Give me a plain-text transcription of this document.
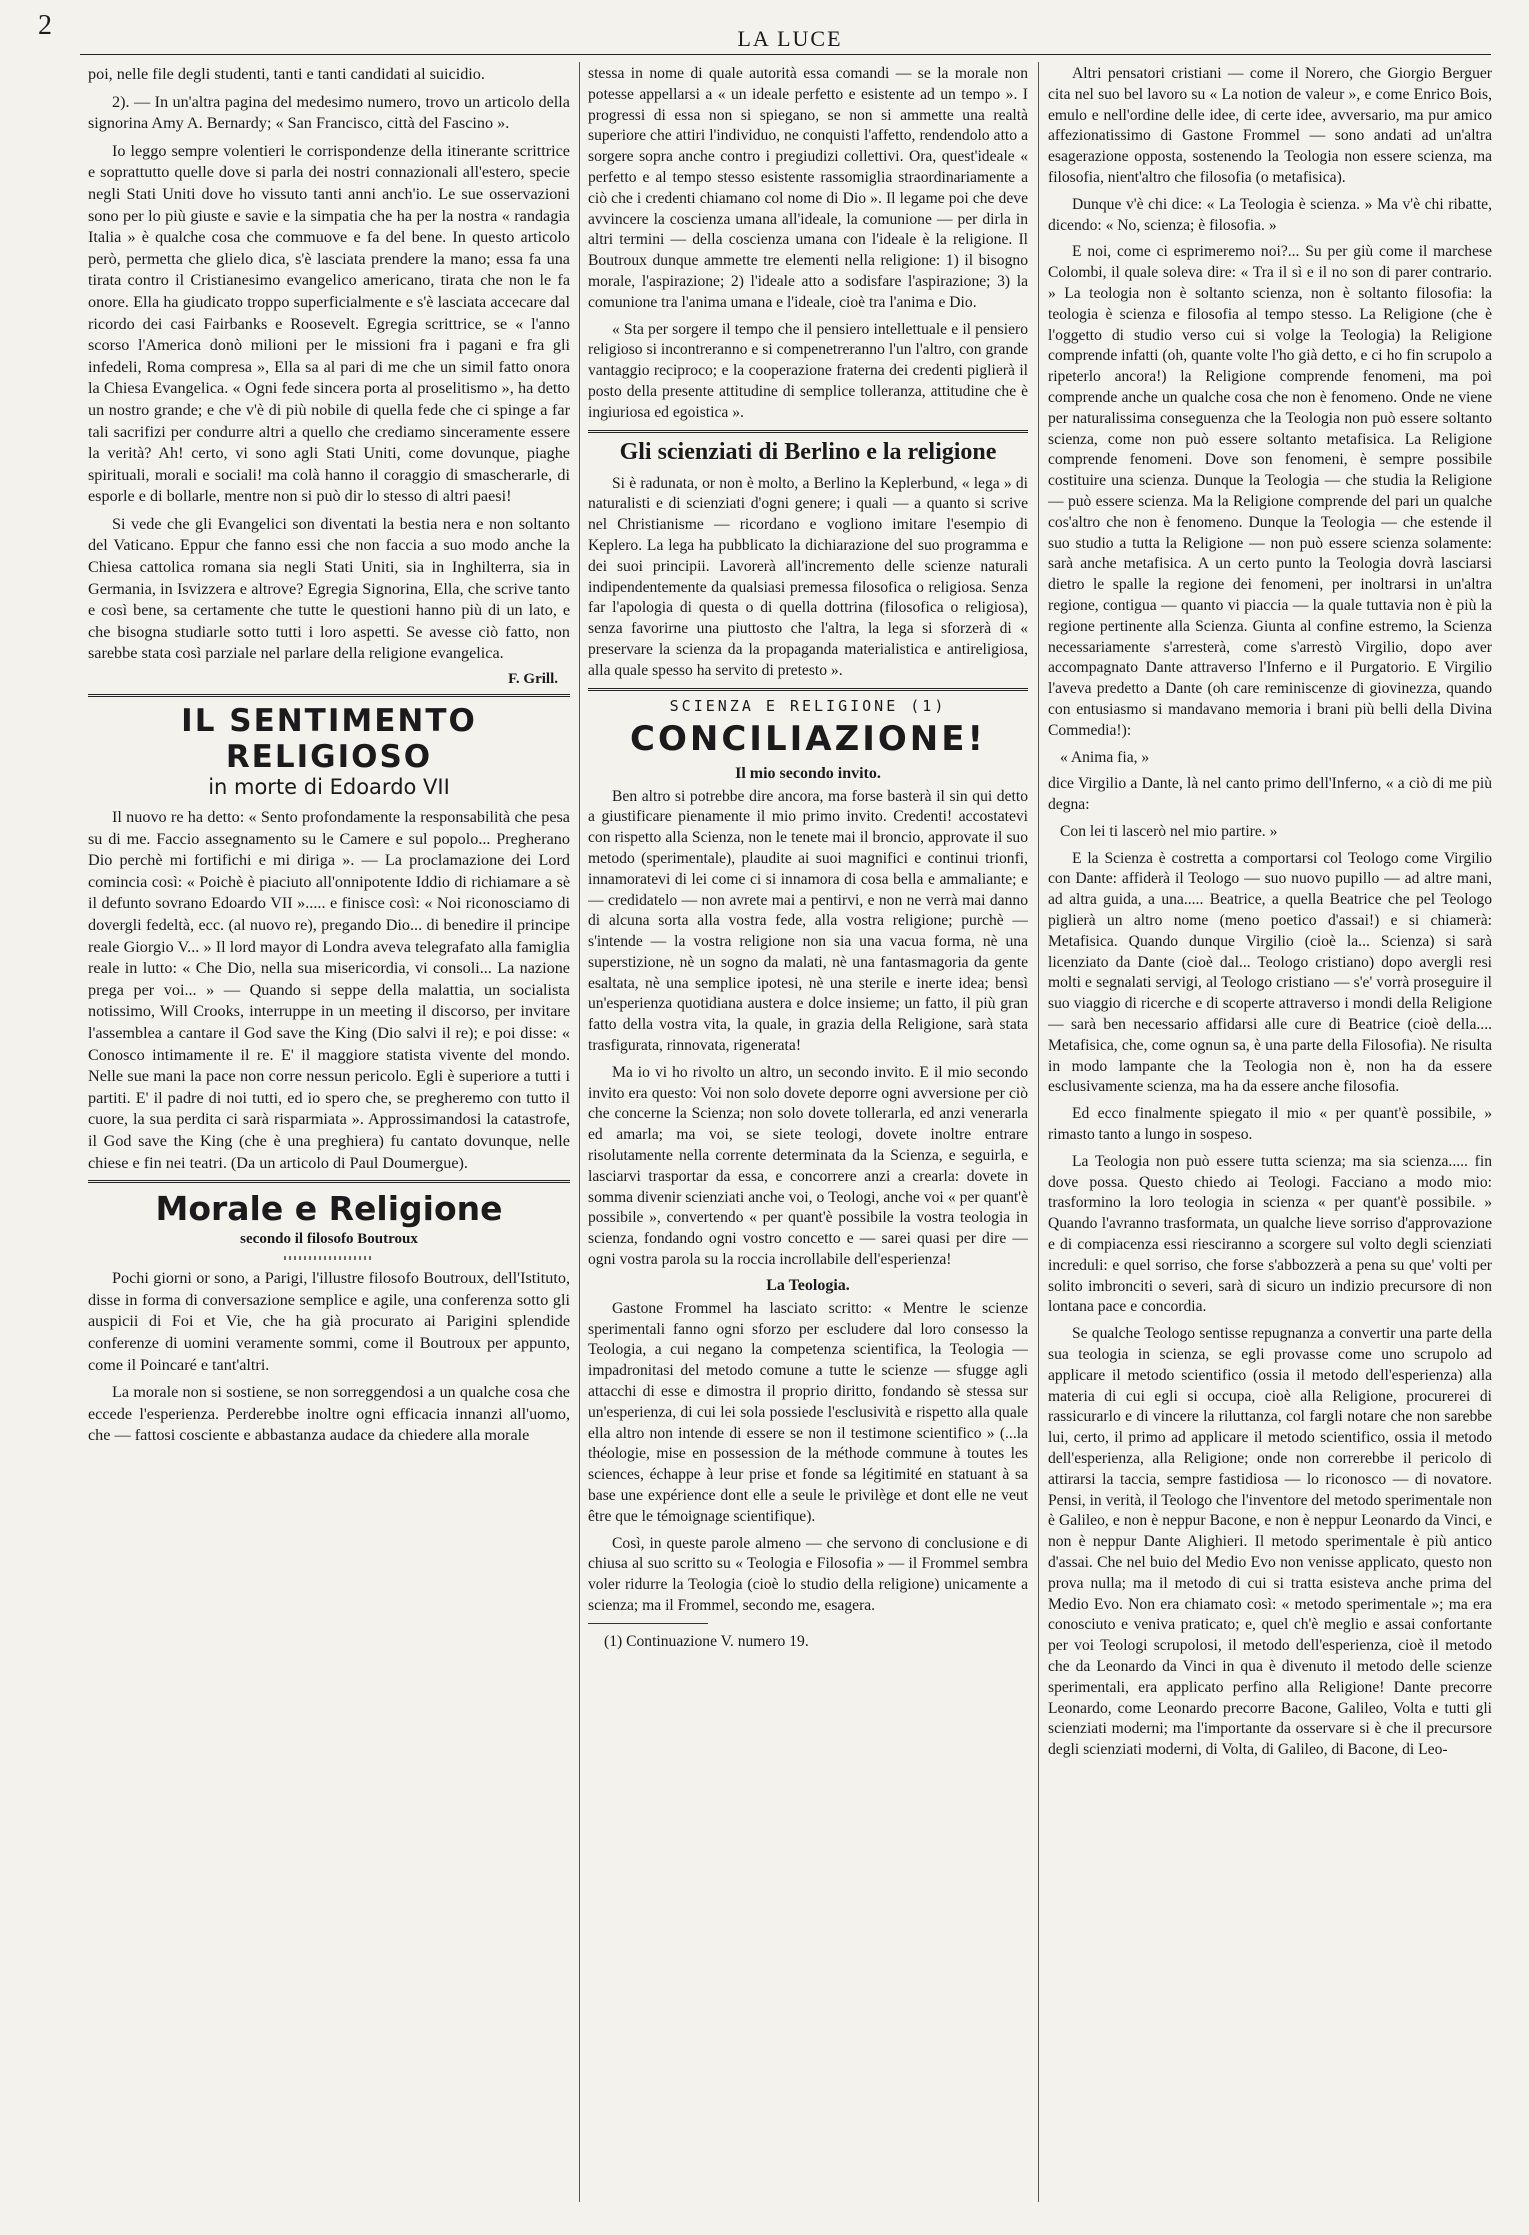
LA LUCE
2

poi, nelle file degli studenti, tanti e tanti candidati al suicidio.

2). — In un'altra pagina del medesimo numero, trovo un articolo della signorina Amy A. Bernardy; « San Francisco, città del Fascino ».

Io leggo sempre volentieri le corrispondenze della itinerante scrittrice e soprattutto quelle dove si parla dei nostri connazionali all'estero, specie negli Stati Uniti dove ho vissuto tanti anni anch'io. Le sue osservazioni sono per lo più giuste e savie e la simpatia che ha per la nostra « randagia Italia » è qualche cosa che commuove e fa del bene. In questo articolo però, permetta che glielo dica, s'è lasciata prendere la mano; essa fa una tirata contro il Cristianesimo evangelico americano, tirata che non le fa onore. Ella ha giudicato troppo superficialmente e s'è lasciata accecare dal ricordo dei casi Fairbanks e Roosevelt. Egregia scrittrice, se « l'anno scorso l'America donò milioni per le missioni fra i pagani e fra gli infedeli, Roma compresa », Ella sa al pari di me che un simil fatto onora la Chiesa Evangelica. « Ogni fede sincera porta al proselitismo », ha detto un nostro grande; e che v'è di più nobile di quella fede che ci spinge a far tali sacrifizi per condurre altri a quello che crediamo sinceramente essere la verità? Ah! certo, vi sono agli Stati Uniti, come dovunque, piaghe spirituali, morali e sociali! ma colà hanno il coraggio di smascherarle, di esporle e di bollarle, mentre non si può dir lo stesso di altri paesi!

Si vede che gli Evangelici son diventati la bestia nera e non soltanto del Vaticano. Eppur che fanno essi che non faccia a suo modo anche la Chiesa cattolica romana sia negli Stati Uniti, sia in Inghilterra, sia in Germania, in Isvizzera e altrove? Egregia Signorina, Ella, che scrive tanto e così bene, sa certamente che tutte le questioni hanno più di un lato, e che bisogna studiarle sotto tutti i loro aspetti. Se avesse ciò fatto, non sarebbe stata così parziale nel parlare della religione evangelica.

F. Grill.
IL SENTIMENTO RELIGIOSO
in morte di Edoardo VII

Il nuovo re ha detto: « Sento profondamente la responsabilità che pesa su di me. Faccio assegnamento su le Camere e sul popolo... Pregherano Dio perchè mi fortifichi e mi diriga ». — La proclamazione dei Lord comincia così: « Poichè è piaciuto all'onnipotente Iddio di richiamare a sè il defunto sovrano Edoardo VII »..... e finisce così: « Noi riconosciamo di dovergli fedeltà, ecc. (al nuovo re), pregando Dio... di benedire il principe reale Giorgio V... » Il lord mayor di Londra aveva telegrafato alla famiglia reale in lutto: « Che Dio, nella sua misericordia, vi consoli... La nazione prega per voi... » — Quando si seppe della malattia, un socialista notissimo, Will Crooks, interruppe in un meeting il discorso, per invitare l'assemblea a cantare il God save the King (Dio salvi il re); e poi disse: « Conosco intimamente il re. E' il maggiore statista vivente del mondo. Nelle sue mani la pace non corre nessun pericolo. Egli è superiore a tutti i partiti. E' il padre di noi tutti, ed io spero che, se pregheremo con tutto il cuore, la sua perdita ci sarà risparmiata ». Approssimandosi la catastrofe, il God save the King (che è una preghiera) fu cantato dovunque, nelle chiese e fin nei teatri. (Da un articolo di Paul Doumergue).

Morale e Religione
secondo il filosofo Boutroux

Pochi giorni or sono, a Parigi, l'illustre filosofo Boutroux, dell'Istituto, disse in forma di conversazione semplice e agile, una conferenza sotto gli auspicii di Foi et Vie, che ha già procurato ai Parigini splendide conferenze di uomini veramente sommi, come il Boutroux per appunto, come il Poincaré e tant'altri.

La morale non si sostiene, se non sorreggendosi a un qualche cosa che eccede l'esperienza. Perderebbe inoltre ogni efficacia innanzi all'uomo, che — fattosi cosciente e abbastanza audace da chiedere alla morale

stessa in nome di quale autorità essa comandi — se la morale non potesse appellarsi a « un ideale perfetto e esistente ad un tempo ». I progressi di essa non si spiegano, se non si ammette una realtà superiore che attiri l'individuo, ne conquisti l'affetto, rendendolo atto a sorgere sopra anche contro i pregiudizi collettivi. Ora, quest'ideale « perfetto e al tempo stesso esistente rassomiglia straordinariamente a ciò che i credenti chiamano col nome di Dio ». Il legame poi che deve avvincere la coscienza umana all'ideale, la comunione — per dirla in altri termini — della coscienza umana con l'ideale è la religione. Il Boutroux dunque ammette tre elementi nella religione: 1) il bisogno morale, l'aspirazione; 2) l'ideale atto a sodisfare l'aspirazione; 3) la comunione tra l'anima umana e l'ideale, cioè tra l'anima e Dio.

« Sta per sorgere il tempo che il pensiero intellettuale e il pensiero religioso si incontreranno e si compenetreranno l'un l'altro, con grande vantaggio reciproco; e la cooperazione fraterna dei credenti piglierà il posto della presente attitudine di semplice tolleranza, attitudine che è ingiuriosa ed egoistica ».

Gli scienziati di Berlino e la religione

Si è radunata, or non è molto, a Berlino la Keplerbund, « lega » di naturalisti e di scienziati d'ogni genere; i quali — a quanto si scrive nel Christianisme — ricordano e vogliono imitare l'esempio di Keplero. La lega ha pubblicato la dichiarazione del suo programma e dei suoi principii. Lavorerà all'incremento delle scienze naturali indipendentemente da qualsiasi premessa filosofica o religiosa. Senza far l'apologia di questa o di quella dottrina (filosofica o religiosa), senza favorirne una piuttosto che l'altra, la lega si sforzerà di « preservare la scienza da la propaganda materialistica e antireligiosa, alla quale spesso ha servito di pretesto ».

SCIENZA E RELIGIONE (1)
CONCILIAZIONE!
Il mio secondo invito.

Ben altro si potrebbe dire ancora, ma forse basterà il sin qui detto a giustificare pienamente il mio primo invito. Credenti! accostatevi con rispetto alla Scienza, non le tenete mai il broncio, approvate il suo metodo (sperimentale), plaudite ai suoi magnifici e continui trionfi, innamoratevi di lei come ci si innamora di cosa bella e ammaliante; e — credidatelo — non avrete mai a pentirvi, e non ne verrà mai danno di alcuna sorta alla vostra fede, alla vostra religione; purchè — s'intende — la vostra religione non sia una vacua forma, nè una superstizione, nè un sogno da malati, nè una fantasmagoria da gente esaltata, nè una semplice ipotesi, nè una sterile e inerte idea; bensì un'esperienza quotidiana austera e dolce insieme; un fatto, il più gran fatto della vostra vita, la quale, in grazia della Religione, sarà stata trasfigurata, rinnovata, rigenerata!

Ma io vi ho rivolto un altro, un secondo invito. E il mio secondo invito era questo: Voi non solo dovete deporre ogni avversione per ciò che concerne la Scienza; non solo dovete tollerarla, ed anzi venerarla ed amarla; ma voi, se siete teologi, dovete inoltre entrare risolutamente nella corrente determinata da la Scienza, e seguirla, e lasciarvi trasportar da essa, e concorrere anzi a crearla: dovete in somma divenir scienziati anche voi, o Teologi, anche voi « per quant'è possibile », convertendo « per quant'è possibile la vostra teologia in scienza, fondando ogni vostro concetto e — sarei quasi per dire — ogni vostra parola su la roccia incrollabile dell'esperienza!

La Teologia.

Gastone Frommel ha lasciato scritto: « Mentre le scienze sperimentali fanno ogni sforzo per escludere dal loro consesso la Teologia, a cui negano la competenza scientifica, la Teologia — impadronitasi del metodo comune a tutte le scienze — sfugge agli attacchi di esse e dimostra il proprio diritto, fondando sè stessa sur un'esperienza, di cui lei sola possiede l'esclusività e rispetto alla quale ella altro non intende di essere se non il testimone scientifico » (...la théologie, mise en possession de la méthode commune à toutes les sciences, échappe à leur prise et fonde sa légitimité en statuant à sa base une expérience dont elle a seule le privilège et dont elle ne veut être que le témoignage scientifique).

Così, in queste parole almeno — che servono di conclusione e di chiusa al suo scritto su « Teologia e Filosofia » — il Frommel sembra voler ridurre la Teologia (cioè lo studio della religione) unicamente a scienza; ma il Frommel, secondo me, esagera.

(1) Continuazione V. numero 19.

Altri pensatori cristiani — come il Norero, che Giorgio Berguer cita nel suo bel lavoro su « La notion de valeur », e come Enrico Bois, emulo e nell'ordine delle idee, di certe idee, avversario, ma pur amico affezionatissimo di Gastone Frommel — sono andati ad un'altra esagerazione opposta, sostenendo la Teologia non essere scienza, ma filosofia, nient'altro che filosofia (o metafisica).

Dunque v'è chi dice: « La Teologia è scienza. » Ma v'è chi ribatte, dicendo: « No, scienza; è filosofia. »

E noi, come ci esprimeremo noi?... Su per giù come il marchese Colombi, il quale soleva dire: « Tra il sì e il no son di parer contrario. » La teologia non è soltanto scienza, non è soltanto filosofia: la teologia è scienza e filosofia al tempo stesso. La Religione (che è l'oggetto di studio verso cui si volge la Teologia) la Religione comprende infatti (oh, quante volte l'ho già detto, e ci ho fin scrupolo a ripeterlo ancora!) la Religione comprende fenomeni, ma poi comprende anche un qualche cosa che non è fenomeno. Onde ne viene per naturalissima conseguenza che la Teologia non può essere soltanto scienza, come non può essere soltanto metafisica. La Religione comprende fenomeni. Dove son fenomeni, è sempre possibile costituire una scienza. Dunque la Teologia — che studia la Religione — può essere scienza. Ma la Religione comprende del pari un qualche cos'altro che non è fenomeno. Dunque la Teologia — che estende il suo studio a tutta la Religione — non può essere scienza solamente: sarà anche metafisica. A un certo punto la Teologia dovrà lasciarsi dietro le spalle la regione dei fenomeni, per inoltrarsi in un'altra regione, contigua — quanto vi piaccia — la quale tuttavia non è più la regione pertinente alla Scienza. Giunta al confine estremo, la Scienza necessariamente s'arresterà, come s'arrestò Virgilio, dopo aver accompagnato Dante attraverso l'Inferno e il Purgatorio. E Virgilio l'aveva predetto a Dante (oh care reminiscenze di giovinezza, quando con entusiasmo si mandavano memoria i brani più belli della Divina Commedia!):

« Anima fia, »

dice Virgilio a Dante, là nel canto primo dell'Inferno, « a ciò di me più degna:

Con lei ti lascerò nel mio partire. »

E la Scienza è costretta a comportarsi col Teologo come Virgilio con Dante: affiderà il Teologo — suo nuovo pupillo — ad altre mani, ad altra guida, a una..... Beatrice, a quella Beatrice che pel Teologo piglierà un altro nome (meno poetico d'assai!) e si chiamerà: Metafisica. Quando dunque Virgilio (cioè la... Scienza) si sarà licenziato da Dante (cioè dal... Teologo cristiano) dopo avergli resi molti e segnalati servigi, al Teologo cristiano — s'e' vorrà proseguire il suo viaggio di ricerche e di scoperte attraverso i mondi della Religione — sarà ben necessario affidarsi alle cure di Beatrice (cioè della.... Metafisica, che, come ognun sa, è una parte della Filosofia). Ne risulta in modo lampante che la Teologia non è, non ha da essere esclusivamente scienza, ma ha da essere anche filosofia.

Ed ecco finalmente spiegato il mio « per quant'è possibile, » rimasto tanto a lungo in sospeso.

La Teologia non può essere tutta scienza; ma sia scienza..... fin dove possa. Questo chiedo ai Teologi. Facciano a modo mio: trasformino la loro teologia in scienza « per quant'è possibile. » Quando l'avranno trasformata, un qualche lieve sorriso d'approvazione e di compiacenza essi riesciranno a scorgere sul volto degli scienziati increduli: e quel sorriso, che forse s'abbozzerà a pena su que' volti per solito imbronciti o severi, sarà di sicuro un indizio precursore di non lontana pace e concordia.

Se qualche Teologo sentisse repugnanza a convertir una parte della sua teologia in scienza, se egli provasse come uno scrupolo ad applicare il metodo scientifico (ossia il metodo dell'esperienza) alla materia di cui egli si occupa, cioè alla Religione, procurerei di rassicurarlo e di vincere la riluttanza, col fargli notare che non sarebbe lui, certo, il primo ad applicare il metodo scientifico, ossia il metodo dell'esperienza, alla Religione; onde non correrebbe il pericolo di attirarsi la taccia, sempre fastidiosa — lo riconosco — di novatore. Pensi, in verità, il Teologo che l'inventore del metodo sperimentale non è Galileo, e non è neppur Bacone, e non è neppur Leonardo da Vinci, e non è neppur Dante Alighieri. Il metodo sperimentale è più antico d'assai. Che nel buio del Medio Evo non venisse applicato, questo non prova nulla; ma il metodo di cui si tratta esisteva anche prima del Medio Evo. Non era chiamato così: « metodo sperimentale »; ma era conosciuto e veniva praticato; e, quel ch'è meglio e assai confortante per voi Teologi scrupolosi, il metodo dell'esperienza, cioè il metodo che da Leonardo da Vinci in qua è divenuto il metodo delle scienze sperimentali, era applicato perfino alla Religione! Dante precorre Leonardo, come Leonardo precorre Bacone, Galileo, Volta e tutti gli scienziati moderni; ma l'importante da osservare si è che il precursore degli scienziati moderni, di Volta, di Galileo, di Bacone, di Leo-
